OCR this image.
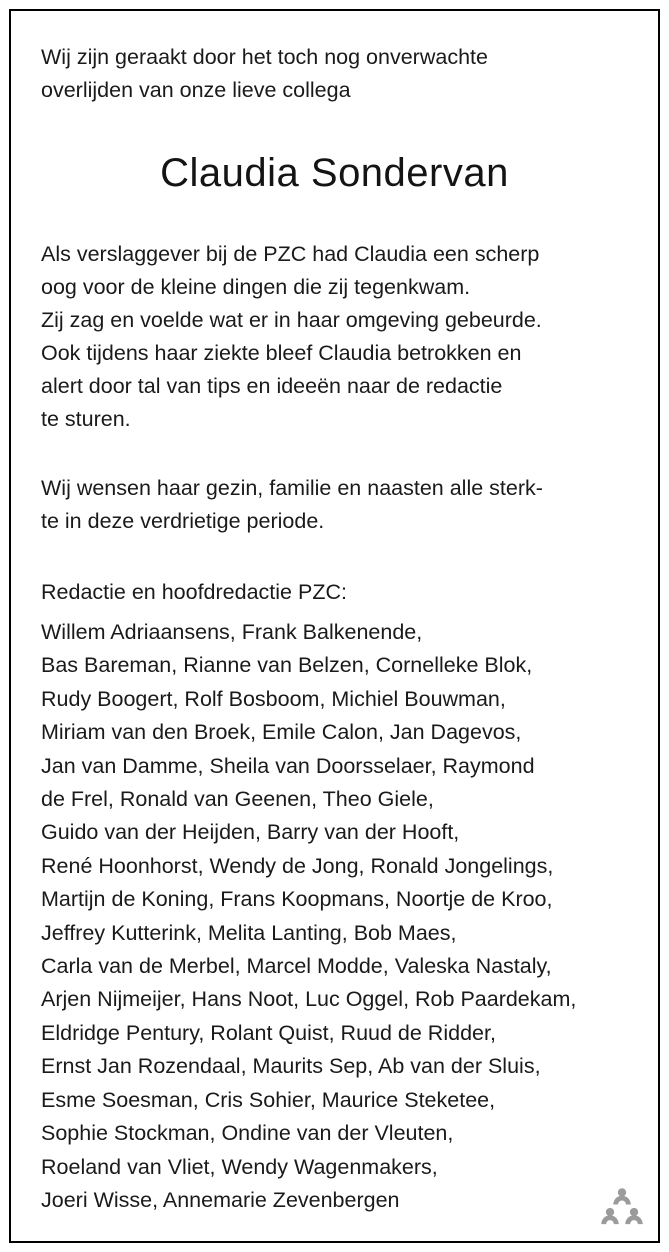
Wij zijn geraakt door het toch nog onverwachte
overlijden van onze lieve collega

Claudia Sondervan

Als verslaggever bij de PZC had Claudia een scherp
oog voor de kleine dingen die zij tegenkwam.
Zij zag en voelde wat er in haar omgeving gebeurde.
Ook tijdens haar ziekte bleef Claudia betrokken en
alert door tal van tips en ideeën naar de redactie
te sturen.

Wij wensen haar gezin, familie en naasten alle sterk-
te in deze verdrietige periode.

Redactie en hoofdredactie PZC:

Willem Adriaansens, Frank Balkenende,
Bas Bareman, Rianne van Belzen, Cornelleke Blok,
Rudy Boogert, Rolf Bosboom, Michiel Bouwman,
Miriam van den Broek, Emile Calon, Jan Dagevos,
Jan van Damme, Sheila van Doorsselaer, Raymond
de Frel, Ronald van Geenen, Theo Giele,
Guido van der Heijden, Barry van der Hooft,
René Hoonhorst, Wendy de Jong, Ronald Jongelings,
Martijn de Koning, Frans Koopmans, Noortje de Kroo,
Jeffrey Kutterink, Melita Lanting, Bob Maes,
Carla van de Merbel, Marcel Modde, Valeska Nastaly,
Arjen Nijmeijer, Hans Noot, Luc Oggel, Rob Paardekam,
Eldridge Pentury, Rolant Quist, Ruud de Ridder,
Ernst Jan Rozendaal, Maurits Sep, Ab van der Sluis,
Esme Soesman, Cris Sohier, Maurice Steketee,
Sophie Stockman, Ondine van der Vleuten,
Roeland van Vliet, Wendy Wagenmakers,
Joeri Wisse, Annemarie Zevenbergen
